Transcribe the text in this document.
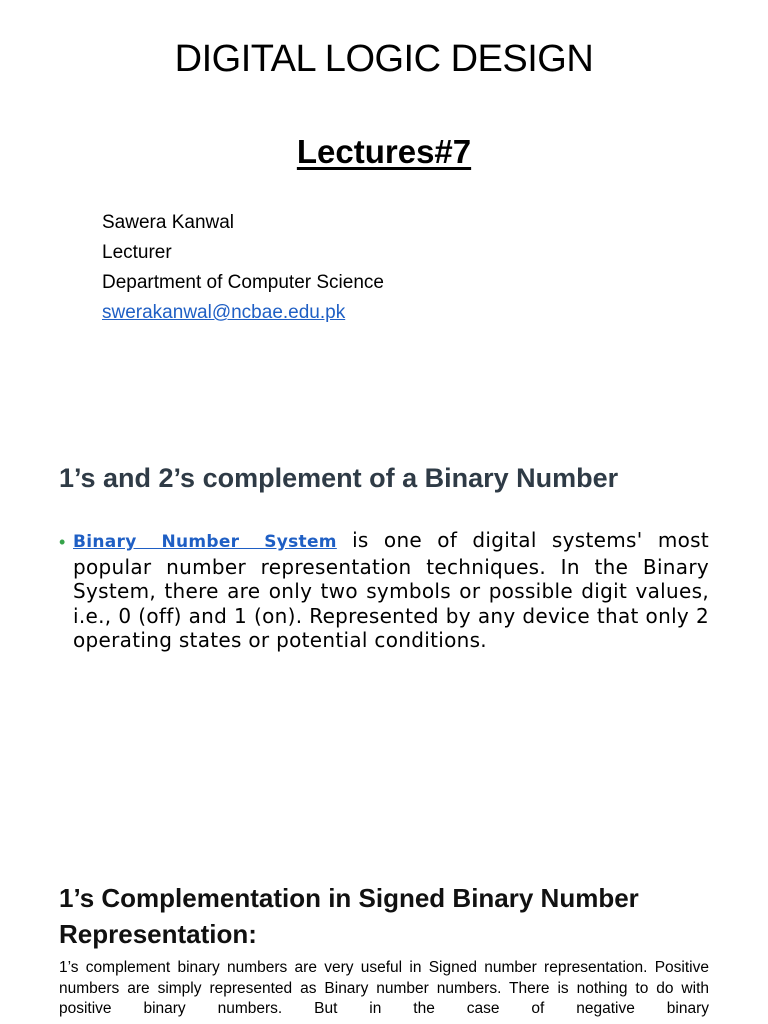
DIGITAL LOGIC DESIGN
Lectures#7
Sawera Kanwal
Lecturer
Department of Computer Science
swerakanwal@ncbae.edu.pk
1’s and 2’s complement of a Binary Number
• Binary Number System is one of digital systems' most popular number representation techniques. In the Binary System, there are only two symbols or possible digit values, i.e., 0 (off) and 1 (on). Represented by any device that only 2 operating states or potential conditions.
1’s Complementation in Signed Binary Number Representation:

1’s complement binary numbers are very useful in Signed number representation. Positive numbers are simply represented as Binary number numbers. There is nothing to do with positive binary numbers. But in the case of negative binary
